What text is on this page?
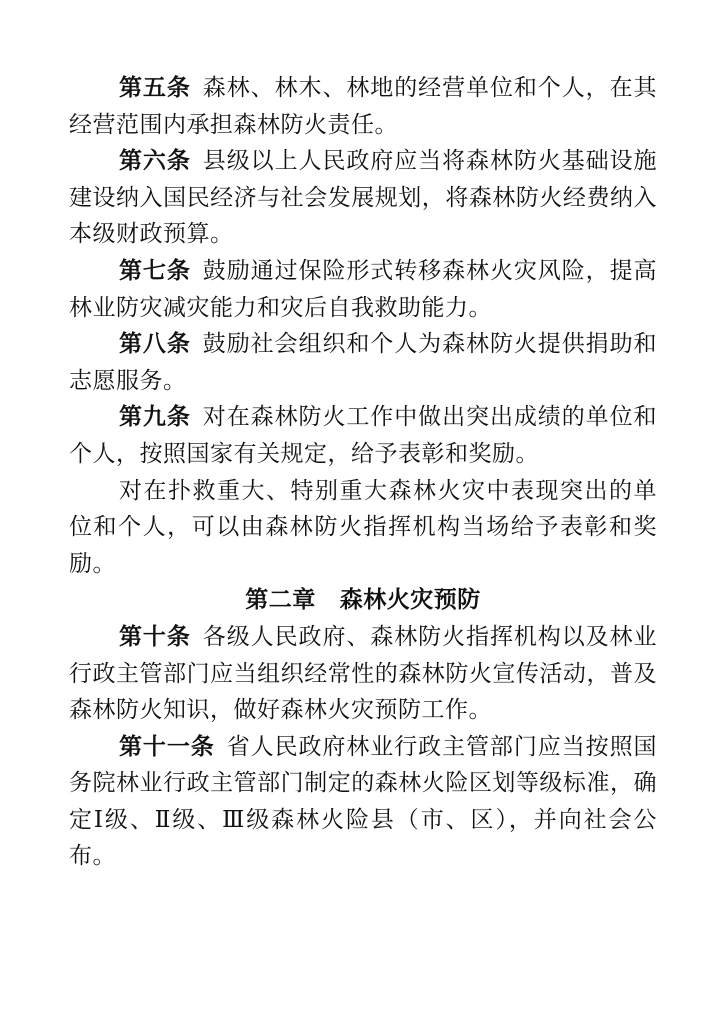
第五条 森林、林木、林地的经营单位和个人，在其经营范围内承担森林防火责任。

第六条 县级以上人民政府应当将森林防火基础设施建设纳入国民经济与社会发展规划，将森林防火经费纳入本级财政预算。

第七条 鼓励通过保险形式转移森林火灾风险，提高林业防灾减灾能力和灾后自我救助能力。

第八条 鼓励社会组织和个人为森林防火提供捐助和志愿服务。

第九条 对在森林防火工作中做出突出成绩的单位和个人，按照国家有关规定，给予表彰和奖励。

对在扑救重大、特别重大森林火灾中表现突出的单位和个人，可以由森林防火指挥机构当场给予表彰和奖励。

第二章 森林火灾预防

第十条 各级人民政府、森林防火指挥机构以及林业行政主管部门应当组织经常性的森林防火宣传活动，普及森林防火知识，做好森林火灾预防工作。

第十一条 省人民政府林业行政主管部门应当按照国务院林业行政主管部门制定的森林火险区划等级标准，确定Ⅰ级、Ⅱ级、Ⅲ级森林火险县（市、区），并向社会公布。
